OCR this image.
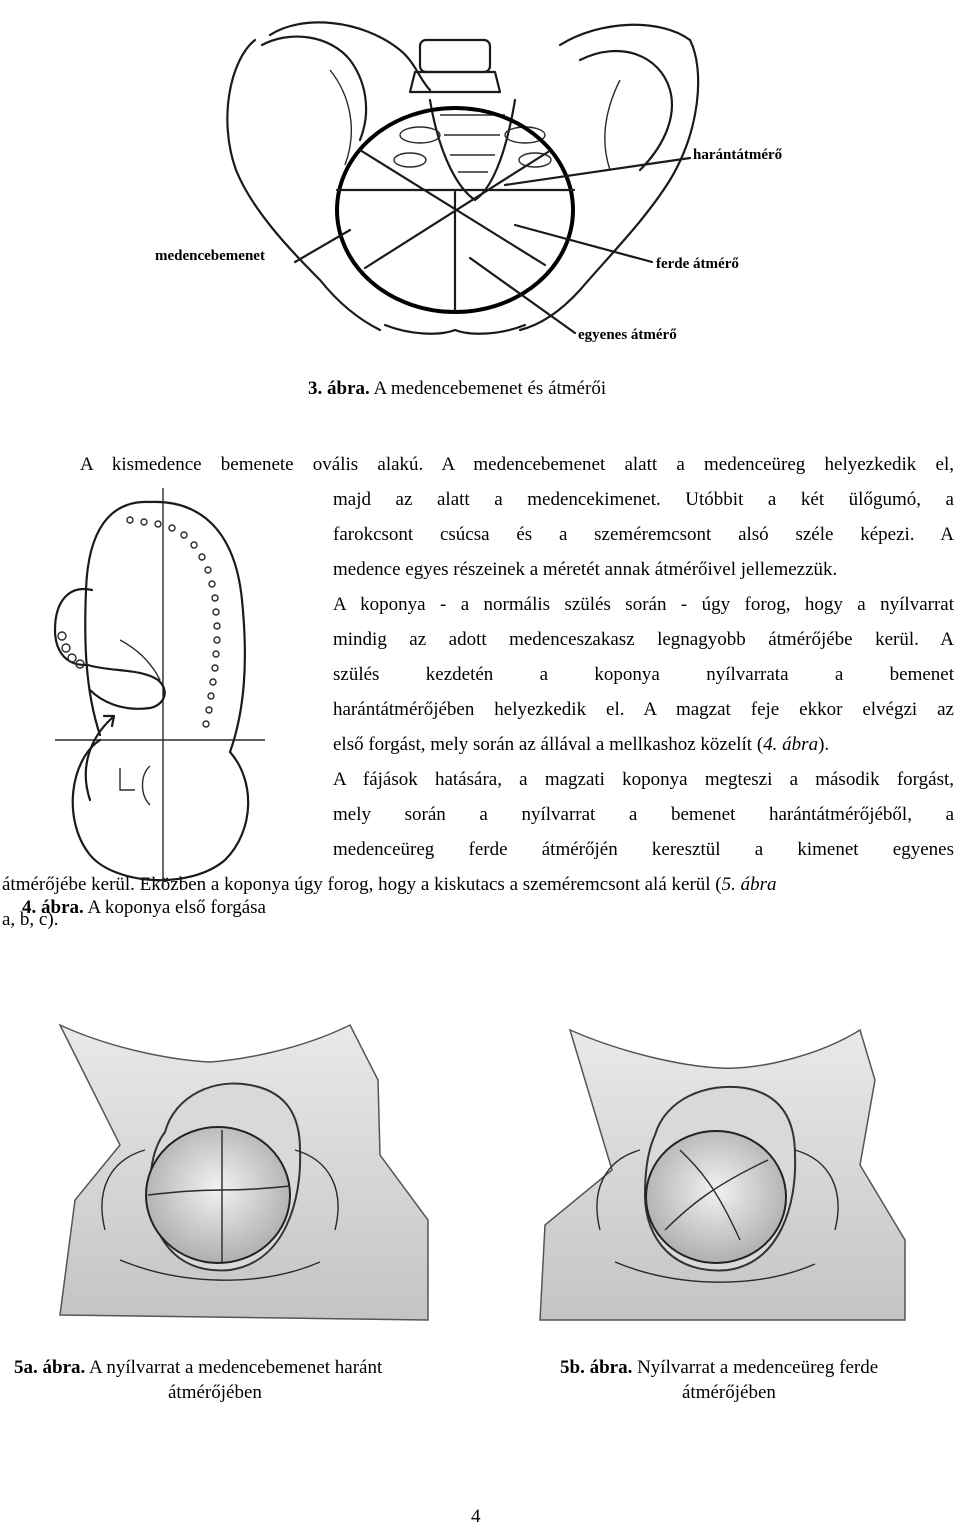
harántátmérő
medencebemenet	ferde átmérő
egyenes átmérő
3. ábra. A medencebemenet és átmérői
A kismedence bemenete ovális alakú. A medencebemenet alatt a medenceüreg helyezkedik el,
majd az alatt a medencekimenet. Utóbbit a két ülőgumó, a
farokcsont csúcsa és a szeméremcsont alsó széle képezi. A
medence egyes részeinek a méretét annak átmérőivel jellemezzük.
A koponya - a normális szülés során - úgy forog, hogy a nyílvarrat
mindig az adott medenceszakasz legnagyobb átmérőjébe kerül. A
szülés kezdetén a koponya nyílvarrata a bemenet
harántátmérőjében helyezkedik el. A magzat feje ekkor elvégzi az
első forgást, mely során az állával a mellkashoz közelít (4. ábra).
A fájások hatására, a magzati koponya megteszi a második forgást,
mely során a nyílvarrat a bemenet harántátmérőjéből, a
medenceüreg ferde átmérőjén keresztül a kimenet egyenes
átmérőjébe kerül. Eközben a koponya úgy forog, hogy a kiskutacs a szeméremcsont alá kerül (5. ábra
a, b, c).
4. ábra. A koponya első forgása
5a. ábra. A nyílvarrat a medencebemenet haránt
átmérőjében
5b. ábra. Nyílvarrat a medenceüreg ferde
átmérőjében
4
